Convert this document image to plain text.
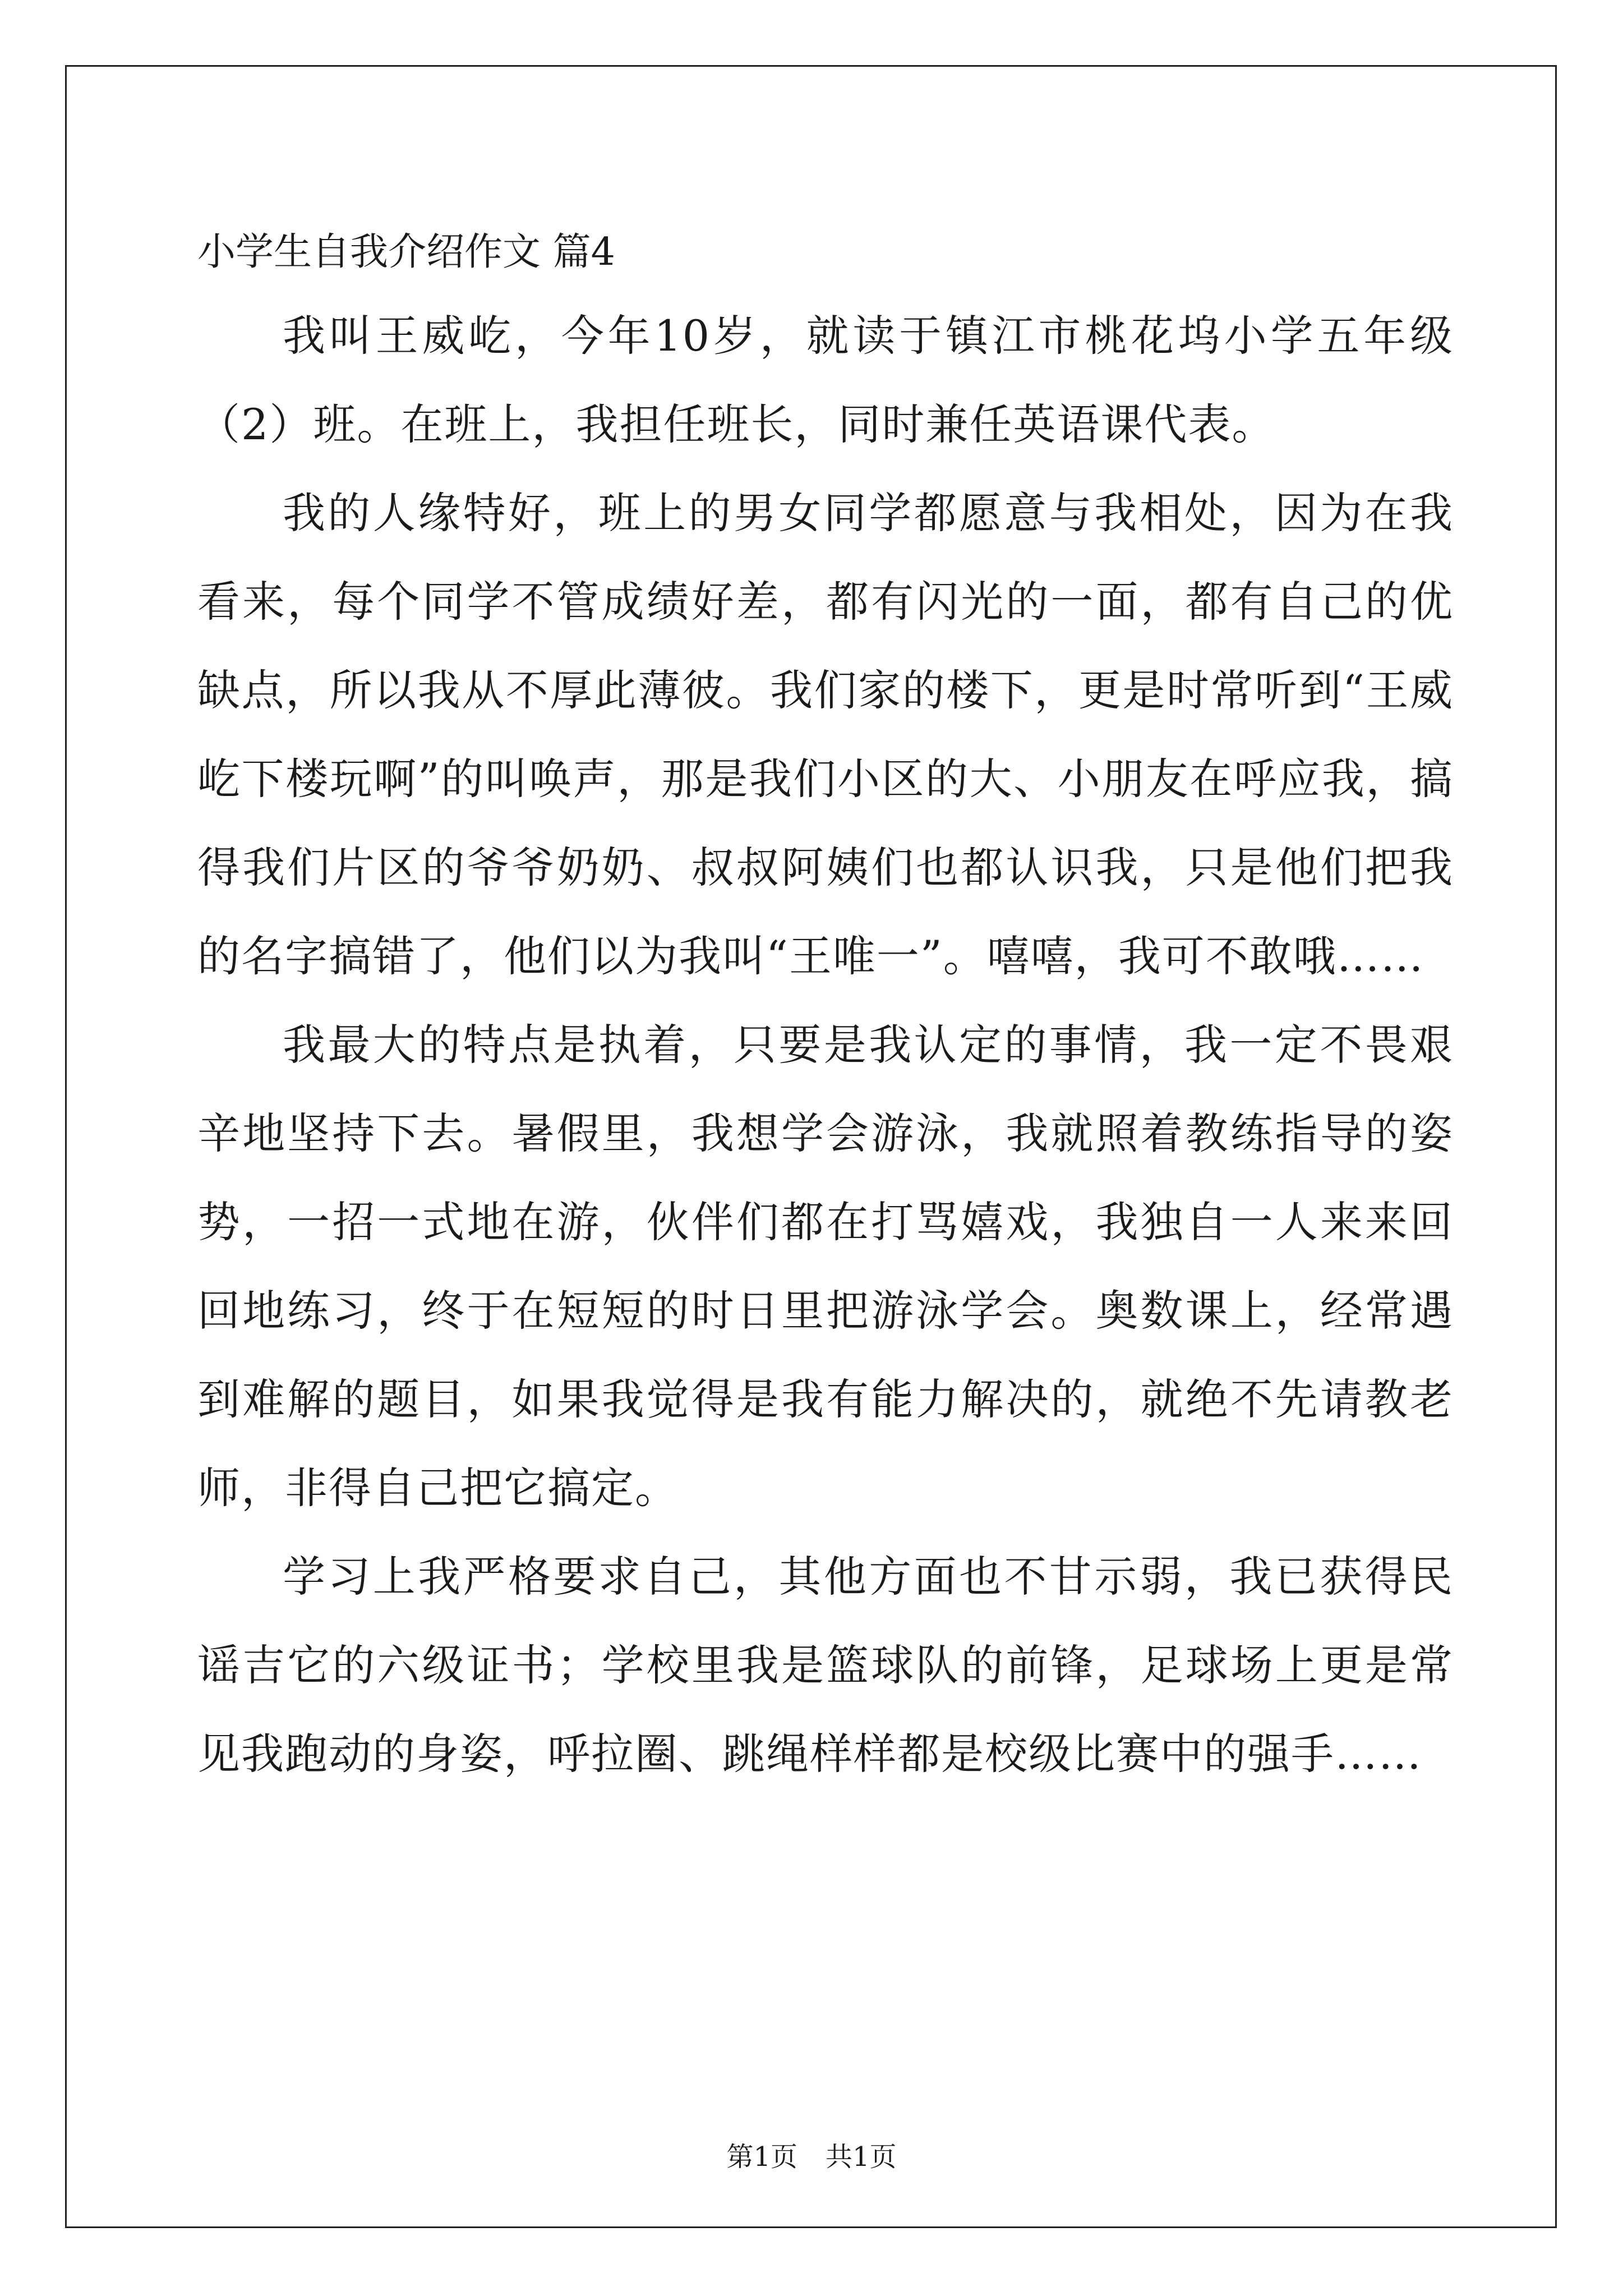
小学生自我介绍作文 篇4

我叫王威屹，今年10岁，就读于镇江市桃花坞小学五年级（2）班。在班上，我担任班长，同时兼任英语课代表。

我的人缘特好，班上的男女同学都愿意与我相处，因为在我看来，每个同学不管成绩好差，都有闪光的一面，都有自己的优缺点，所以我从不厚此薄彼。我们家的楼下，更是时常听到“王威屹下楼玩啊”的叫唤声，那是我们小区的大、小朋友在呼应我，搞得我们片区的爷爷奶奶、叔叔阿姨们也都认识我，只是他们把我的名字搞错了，他们以为我叫“王唯一”。嘻嘻，我可不敢哦……

我最大的特点是执着，只要是我认定的事情，我一定不畏艰辛地坚持下去。暑假里，我想学会游泳，我就照着教练指导的姿势，一招一式地在游，伙伴们都在打骂嬉戏，我独自一人来来回回地练习，终于在短短的时日里把游泳学会。奥数课上，经常遇到难解的题目，如果我觉得是我有能力解决的，就绝不先请教老师，非得自己把它搞定。

学习上我严格要求自己，其他方面也不甘示弱，我已获得民谣吉它的六级证书；学校里我是篮球队的前锋，足球场上更是常见我跑动的身姿，呼拉圈、跳绳样样都是校级比赛中的强手……

第1页 共1页
